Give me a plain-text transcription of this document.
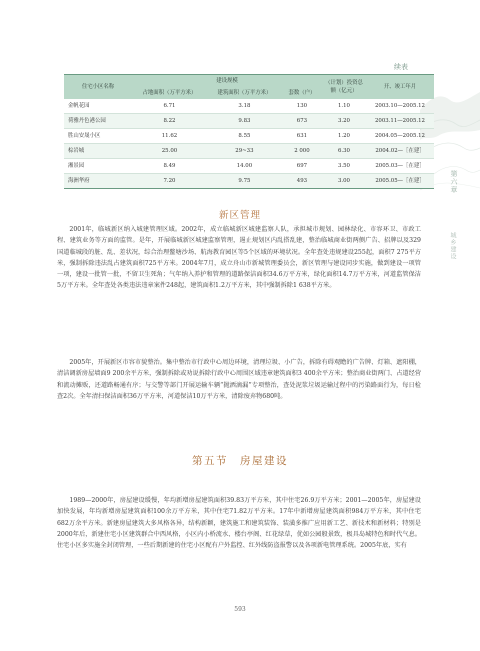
第六章
城乡建设
续表
住宅小区名称	建设规模			（计划）投资总额（亿元）	开、竣工年月
	占地面积（万平方米）	建筑面积（万平方米）	套数（户）		
金帆花园	6.71	3.18	130	1.10	2003.10—2005.12
荷雅丹色港公园	8.22	9.83	673	3.20	2003.11—2005.12
胜山安晟小区	11.62	8.55	631	1.20	2004.05—2005.12
棕岩城	25.00	29~33	2 000	6.30	2004.02—［在建］
湘景园	8.49	14.00	697	3.50	2005.03—［在建］
海洲华府	7.20	9.75	493	3.00	2005.05—［在建］
新区管理

2001年，临城新区纳入城建管理区域。2002年，成立临城新区城建监察人队，承担城市规划、园林绿化、市容环卫、市政工程、建筑业务等方面的监管。是年，开展临城新区城建监察管理，遏止规划区内乱搭乱建，整治临城商业街两侧广告、招牌以及329国道临城段的脏、乱、差状况，综合治理鳌塘沙场、航海教育园区等5个区域的环境状况。全年查处违规建设255起，面积7 275平方米，强制拆除违法乱占建筑面积725平方米。2004年7月，成立舟山市新城管理委员会，新区管理与建设同步实施，做到建设一项管一项，建设一批管一批，不留卫生死角；气年纳入养护和管理的道路保洁面积34.6万平方米，绿化面积14.7万平方米，河道监管保洁5万平方米。全年查处各类违法违章案件248起，建筑面积1.2万平方米，其中强制拆除1 638平方米。

2005年，开展新区市容市貌整治。集中整治市行政中心周边环境，清理垃圾、小广告，拆除有碍观瞻的广告牌、灯箱、遮阳棚，清洁调新房屋墙面9 200余平方米，强制拆除或劝说拆除行政中心周围区域违章建筑面积3 400余平方米；整治商业街两门、占道经营和流动摊贩，还道路畅通有序；与交警等部门开展运输车辆“抛洒滴漏”专项整治，查处泥浆垃圾运输过程中的污染路面行为，每日检查2次。全年清扫保洁面积36万平方米，河道保洁10万平方米，清除废弃物680吨。

第五节 房屋建设

1989—2000年，房屋建设缓慢，年均新增房屋建筑面积39.83万平方米，其中住宅26.9万平方米；2001—2005年，房屋建设加快发展，年均新增房屋建筑面积100余万平方米，其中住宅71.82万平方米。17年中新增房屋建筑面积984万平方米，其中住宅682万余平方米。新建房屋建筑大多风格各异，结构新颖，建筑施工和建筑装饰、装潢多推广应用新工艺、新技术和新材料；特别是2000年后，新建住宅小区建筑群合中西风格，小区内小桥流水、楼台亭阁、红花绿草，优如公园般景致，极具岛城特色和时代气息。住宅小区多实施全封闭管理，一些后期新建的住宅小区配有户外监控、红外线防盗报警以及各项新电管理系统。2005年底，实有

593
